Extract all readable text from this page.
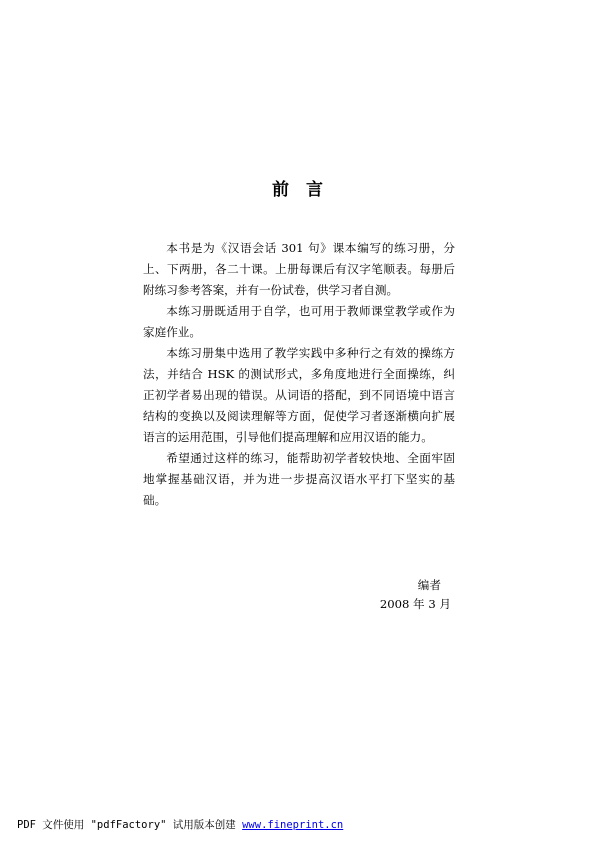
前　言

本书是为《汉语会话 301 句》课本编写的练习册，分上、下两册，各二十课。上册每课后有汉字笔顺表。每册后附练习参考答案，并有一份试卷，供学习者自测。

本练习册既适用于自学，也可用于教师课堂教学或作为家庭作业。

本练习册集中选用了教学实践中多种行之有效的操练方法，并结合 HSK 的测试形式，多角度地进行全面操练，纠正初学者易出现的错误。从词语的搭配，到不同语境中语言结构的变换以及阅读理解等方面，促使学习者逐渐横向扩展语言的运用范围，引导他们提高理解和应用汉语的能力。

希望通过这样的练习，能帮助初学者较快地、全面牢固地掌握基础汉语，并为进一步提高汉语水平打下坚实的基础。

编者
2008 年 3 月
PDF 文件使用 "pdfFactory" 试用版本创建 www.fineprint.cn
